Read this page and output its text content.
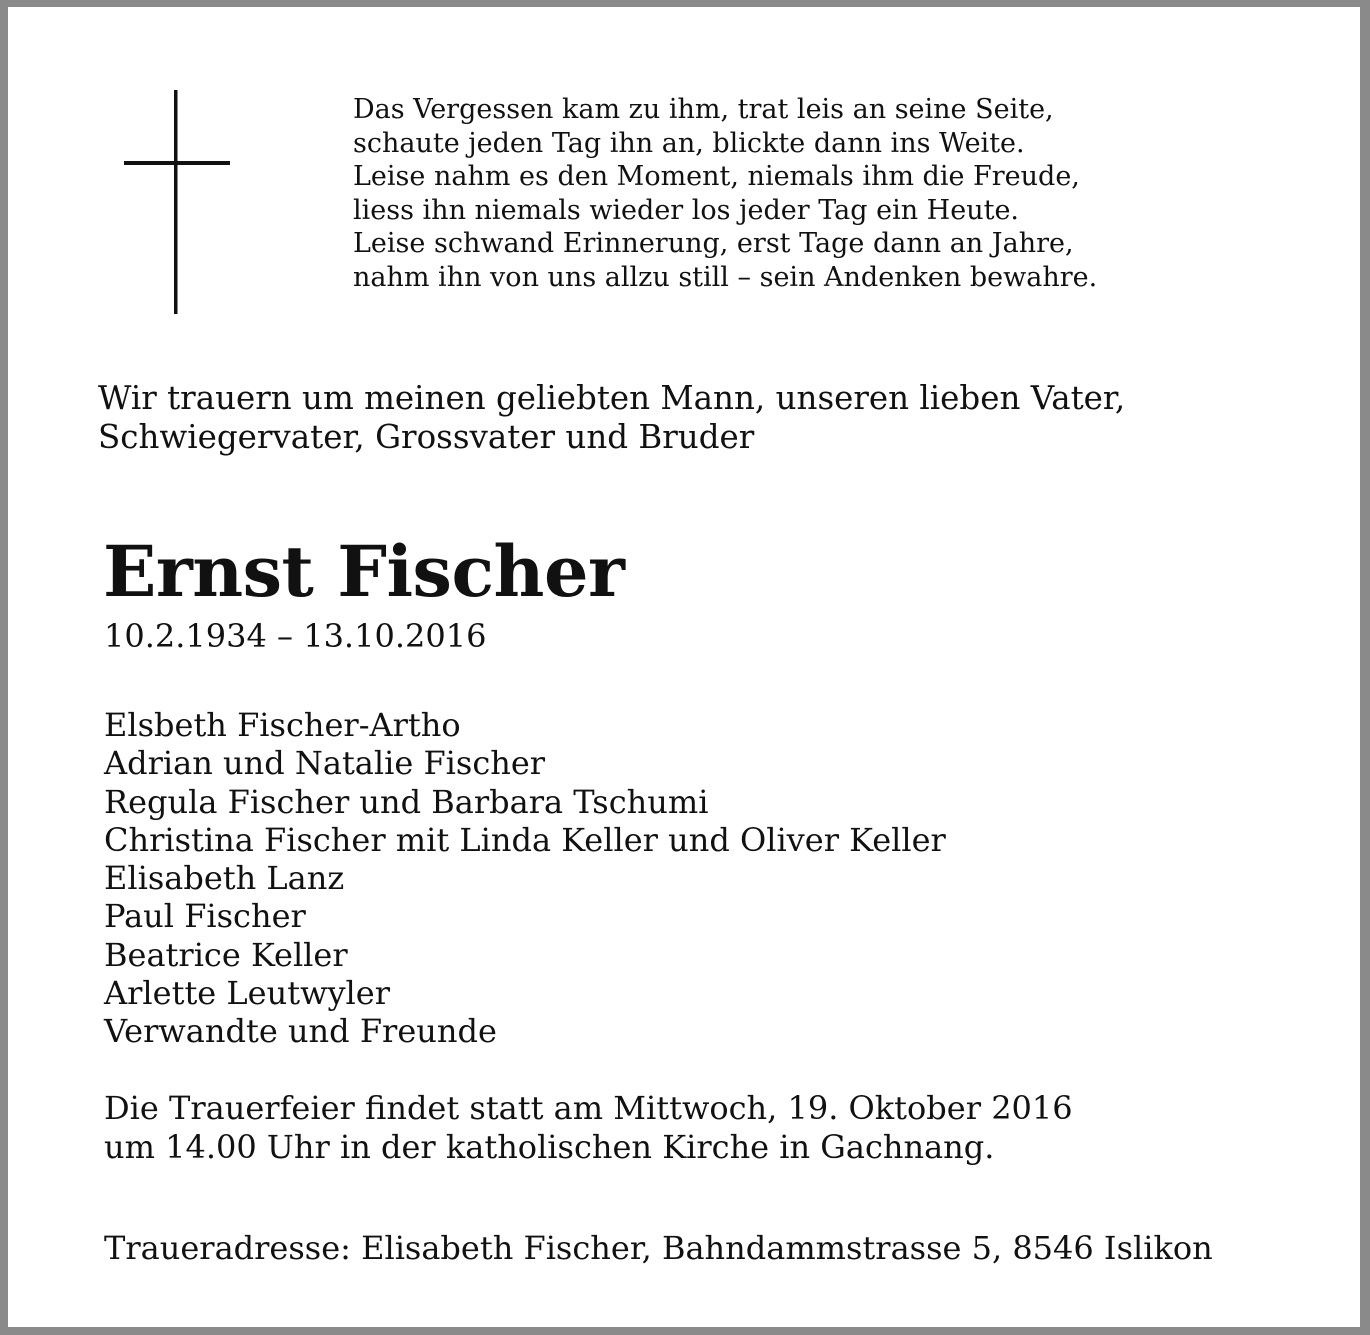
Das Vergessen kam zu ihm, trat leis an seine Seite,
schaute jeden Tag ihn an, blickte dann ins Weite.
Leise nahm es den Moment, niemals ihm die Freude,
liess ihn niemals wieder los jeder Tag ein Heute.
Leise schwand Erinnerung, erst Tage dann an Jahre,
nahm ihn von uns allzu still – sein Andenken bewahre.
Wir trauern um meinen geliebten Mann, unseren lieben Vater,
Schwiegervater, Grossvater und Bruder
Ernst Fischer
10.2.1934 – 13.10.2016
Elsbeth Fischer-Artho
Adrian und Natalie Fischer
Regula Fischer und Barbara Tschumi
Christina Fischer mit Linda Keller und Oliver Keller
Elisabeth Lanz
Paul Fischer
Beatrice Keller
Arlette Leutwyler
Verwandte und Freunde
Die Trauerfeier findet statt am Mittwoch, 19. Oktober 2016
um 14.00 Uhr in der katholischen Kirche in Gachnang.
Traueradresse: Elisabeth Fischer, Bahndammstrasse 5, 8546 Islikon
